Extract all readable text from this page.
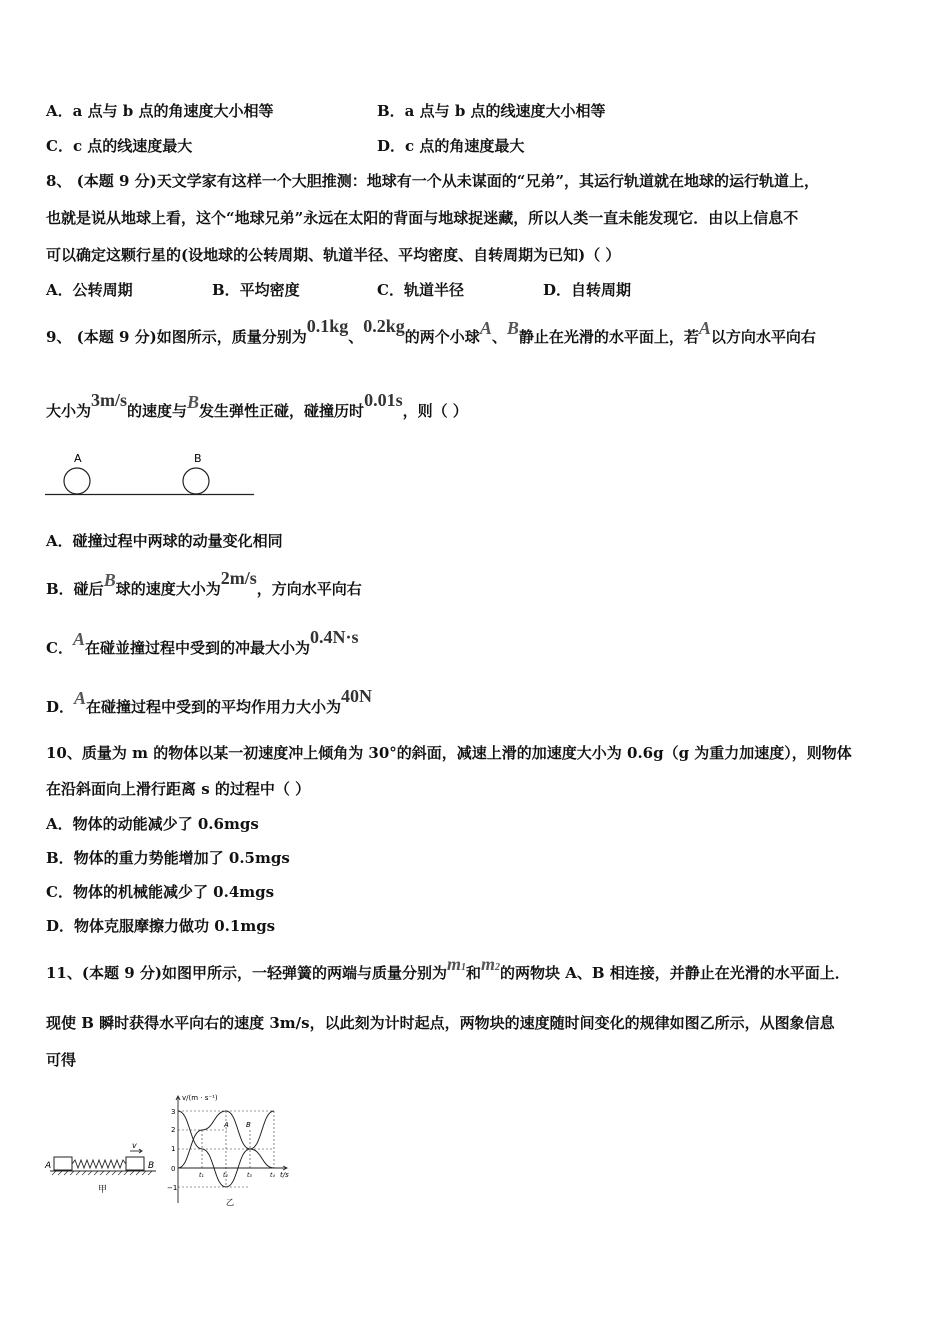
A．a 点与 b 点的角速度大小相等	B．a 点与 b 点的线速度大小相等
C．c 点的线速度最大	D．c 点的角速度最大
8、 (本题 9 分)天文学家有这样一个大胆推测：地球有一个从未谋面的“兄弟”，其运行轨道就在地球的运行轨道上，
也就是说从地球上看，这个“地球兄弟”永远在太阳的背面与地球捉迷藏，所以人类一直未能发现它．由以上信息不
可以确定这颗行星的(设地球的公转周期、轨道半径、平均密度、自转周期为已知)（ ）
A．公转周期	B．平均密度	C．轨道半径	D．自转周期
9、 (本题 9 分)如图所示，质量分别为0.1kg、0.2kg的两个小球A、B静止在光滑的水平面上，若A以方向水平向右
大小为3m/s的速度与B发生弹性正碰，碰撞历时0.01s，则（ ）
A	B
A．碰撞过程中两球的动量变化相同
B．碰后B球的速度大小为2m/s，方向水平向右
C．A在碰並撞过程中受到的冲最大小为0.4N·s
D．A在碰撞过程中受到的平均作用力大小为40N
10、质量为 m 的物体以某一初速度冲上倾角为 30°的斜面，减速上滑的加速度大小为 0.6g（g 为重力加速度），则物体
在沿斜面向上滑行距离 s 的过程中（ ）
A．物体的动能减少了 0.6mgs
B．物体的重力势能增加了 0.5mgs
C．物体的机械能减少了 0.4mgs
D．物体克服摩擦力做功 0.1mgs
11、(本题 9 分)如图甲所示，一轻弹簧的两端与质量分别为m1和m2的两物块 A、B 相连接，并静止在光滑的水平面上．
现使 B 瞬时获得水平向右的速度 3m/s，以此刻为计时起点，两物块的速度随时间变化的规律如图乙所示，从图象信息
可得
A	B
v
甲
v/(m · s⁻¹)
t/s
3
2
1
0
−1
A B
t₁	t₂	t₃	t₄
乙
